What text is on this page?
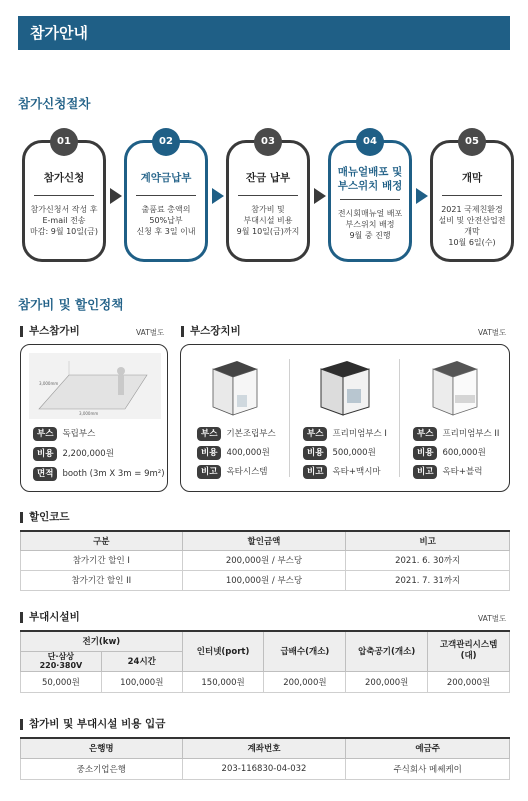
참가안내
참가신청절차
01
참가신청
참가신청서 작성 후
E-mail 전송
마감: 9월 10일(금)
02
계약금납부
출품료 총액의
50%납부
신청 후 3일 이내
03
잔금 납부
참가비 및
부대시설 비용
9월 10일(금)까지
04
매뉴얼배포 및
부스위치 배정
전시회매뉴얼 배포
부스위치 배정
9월 중 진행
05
개막
2021 국제친환경
설비 및 안전산업전
개막
10월 6일(수)
참가비 및 할인정책
부스참가비	VAT별도
3,000mm
3,000mm
부스 독립부스
비용 2,200,000원
면적 booth (3m X 3m = 9m²)
부스장치비	VAT별도
부스 기본조립부스
비용 400,000원
비고 옥타시스템
부스 프리미엄부스 I
비용 500,000원
비고 옥타+맥시마
부스 프리미엄부스 II
비용 600,000원
비고 옥타+블럭
할인코드
구분	할인금액	비고
참가기간 할인 I	200,000원 / 부스당	2021. 6. 30까지
참가기간 할인 II	100,000원 / 부스당	2021. 7. 31까지
부대시설비	VAT별도
전기(kw)		인터넷(port)	급배수(개소)	압축공기(개소)	고객관리시스템
(대)
단·삼상
220·380V	24시간				
50,000원	100,000원	150,000원	200,000원	200,000원	200,000원
참가비 및 부대시설 비용 입금
은행명	계좌번호	예금주
중소기업은행	203-116830-04-032	주식회사 메쎄케이
